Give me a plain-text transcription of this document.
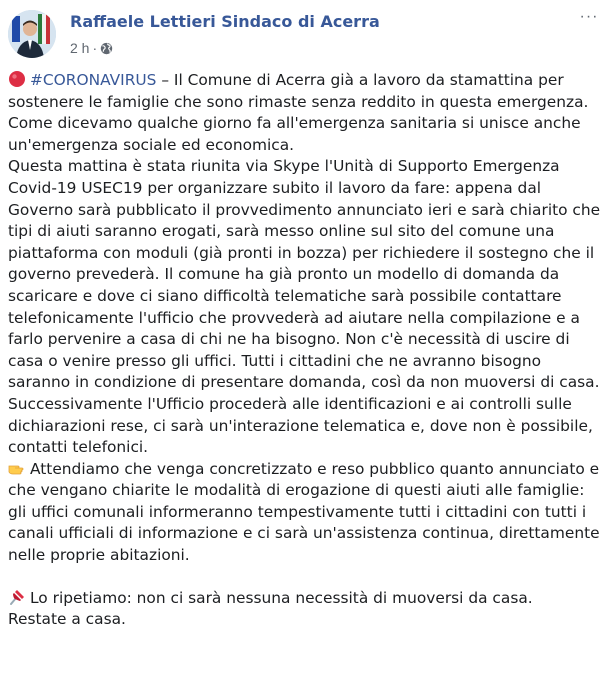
Raffaele Lettieri Sindaco di Acerra
2 h ·
···

#CORONAVIRUS – Il Comune di Acerra già a lavoro da stamattina per sostenere le famiglie che sono rimaste senza reddito in questa emergenza. Come dicevamo qualche giorno fa all'emergenza sanitaria si unisce anche un'emergenza sociale ed economica.

Questa mattina è stata riunita via Skype l'Unità di Supporto Emergenza Covid-19 USEC19 per organizzare subito il lavoro da fare: appena dal Governo sarà pubblicato il provvedimento annunciato ieri e sarà chiarito che tipi di aiuti saranno erogati, sarà messo online sul sito del comune una piattaforma con moduli (già pronti in bozza) per richiedere il sostegno che il governo prevederà. Il comune ha già pronto un modello di domanda da scaricare e dove ci siano difficoltà telematiche sarà possibile contattare telefonicamente l'ufficio che provvederà ad aiutare nella compilazione e a farlo pervenire a casa di chi ne ha bisogno. Non c'è necessità di uscire di casa o venire presso gli uffici. Tutti i cittadini che ne avranno bisogno saranno in condizione di presentare domanda, così da non muoversi di casa. Successivamente l'Ufficio procederà alle identificazioni e ai controlli sulle dichiarazioni rese, ci sarà un'interazione telematica e, dove non è possibile, contatti telefonici.

Attendiamo che venga concretizzato e reso pubblico quanto annunciato e che vengano chiarite le modalità di erogazione di questi aiuti alle famiglie: gli uffici comunali informeranno tempestivamente tutti i cittadini con tutti i canali ufficiali di informazione e ci sarà un'assistenza continua, direttamente nelle proprie abitazioni.

Lo ripetiamo: non ci sarà nessuna necessità di muoversi da casa.

Restate a casa.
